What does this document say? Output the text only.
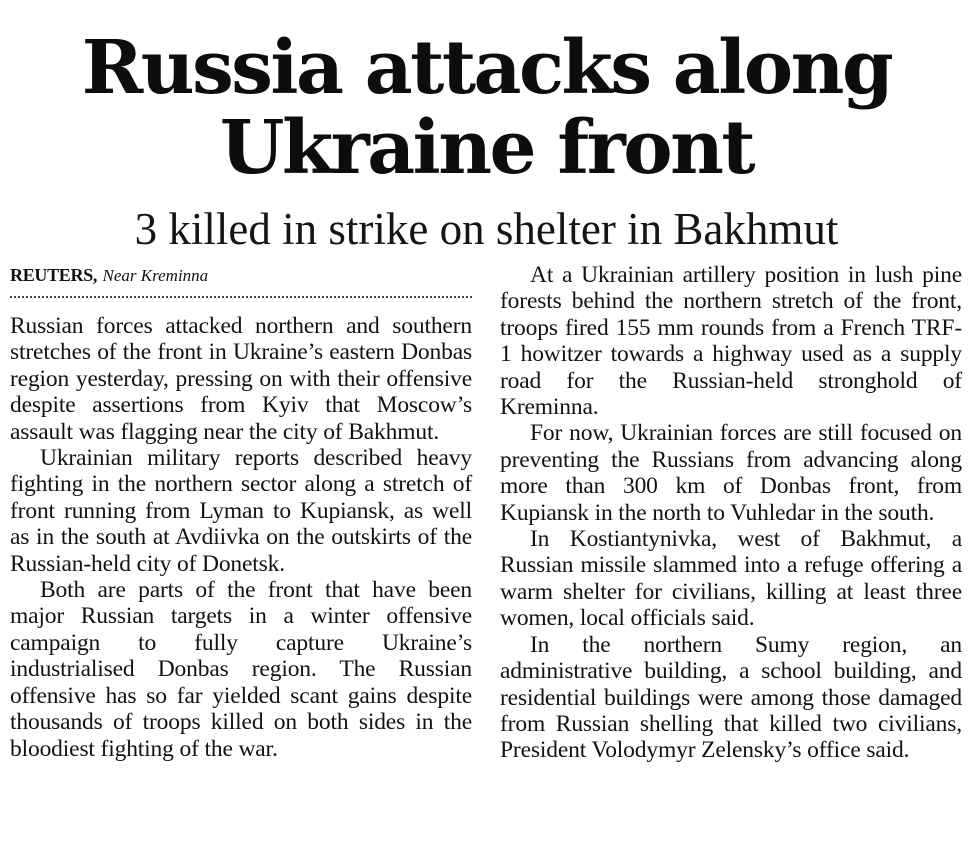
Russia attacks along
Ukraine front
3 killed in strike on shelter in Bakhmut
REUTERS, Near Kreminna

Russian forces attacked northern and southern stretches of the front in Ukraine’s eastern Donbas region yesterday, pressing on with their offensive despite assertions from Kyiv that Moscow’s assault was flagging near the city of Bakhmut.

Ukrainian military reports described heavy fighting in the northern sector along a stretch of front running from Lyman to Kupiansk, as well as in the south at Avdiivka on the outskirts of the Russian-held city of Donetsk.

Both are parts of the front that have been major Russian targets in a winter offensive campaign to fully capture Ukraine’s industrialised Donbas region. The Russian offensive has so far yielded scant gains despite thousands of troops killed on both sides in the bloodiest fighting of the war.

At a Ukrainian artillery position in lush pine forests behind the northern stretch of the front, troops fired 155 mm rounds from a French TRF-1 howitzer towards a highway used as a supply road for the Russian-held stronghold of Kreminna.

For now, Ukrainian forces are still focused on preventing the Russians from advancing along more than 300 km of Donbas front, from Kupiansk in the north to Vuhledar in the south.

In Kostiantynivka, west of Bakhmut, a Russian missile slammed into a refuge offering a warm shelter for civilians, killing at least three women, local officials said.

In the northern Sumy region, an administrative building, a school building, and residential buildings were among those damaged from Russian shelling that killed two civilians, President Volodymyr Zelensky’s office said.
